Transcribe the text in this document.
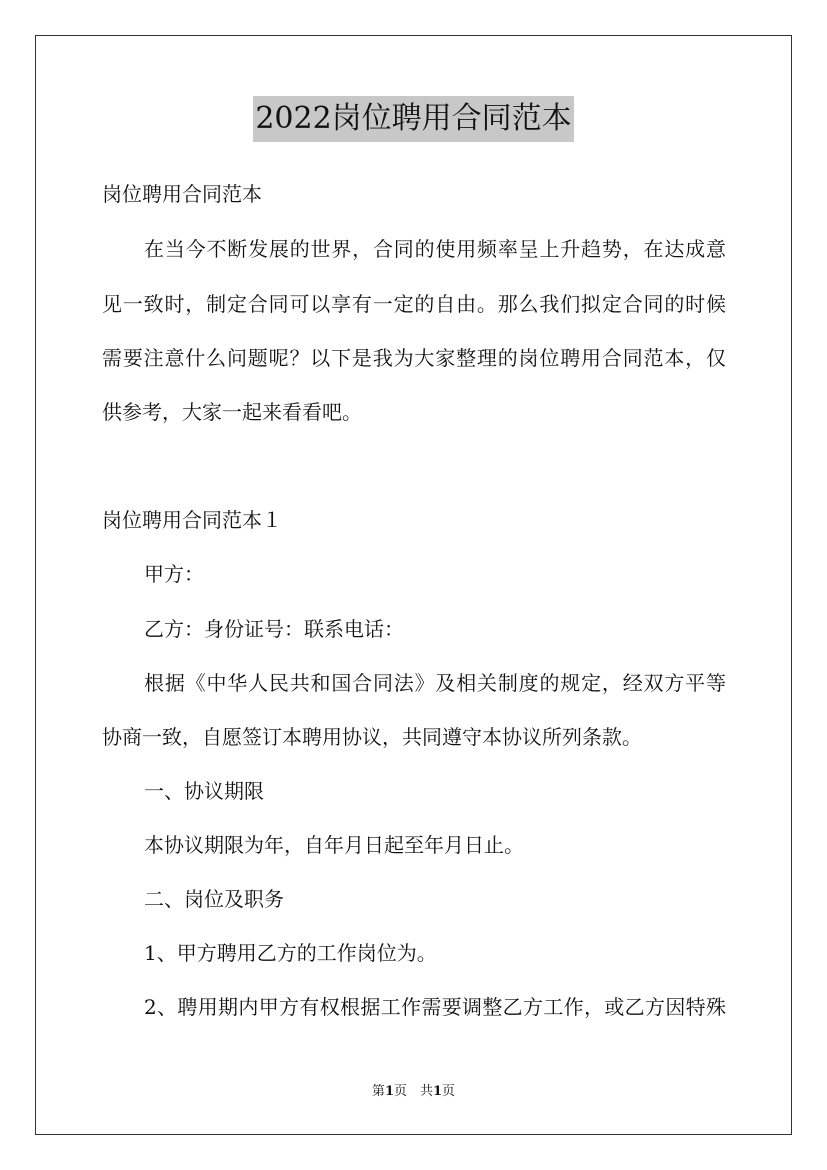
2022岗位聘用合同范本
岗位聘用合同范本
在当今不断发展的世界，合同的使用频率呈上升趋势，在达成意
见一致时，制定合同可以享有一定的自由。那么我们拟定合同的时候
需要注意什么问题呢？以下是我为大家整理的岗位聘用合同范本，仅
供参考，大家一起来看看吧。
岗位聘用合同范本１
甲方：
乙方：身份证号：联系电话：
根据《中华人民共和国合同法》及相关制度的规定，经双方平等
协商一致，自愿签订本聘用协议，共同遵守本协议所列条款。
一、协议期限
本协议期限为年，自年月日起至年月日止。
二、岗位及职务
1、甲方聘用乙方的工作岗位为。
2、聘用期内甲方有权根据工作需要调整乙方工作，或乙方因特殊
第1页　共1页
